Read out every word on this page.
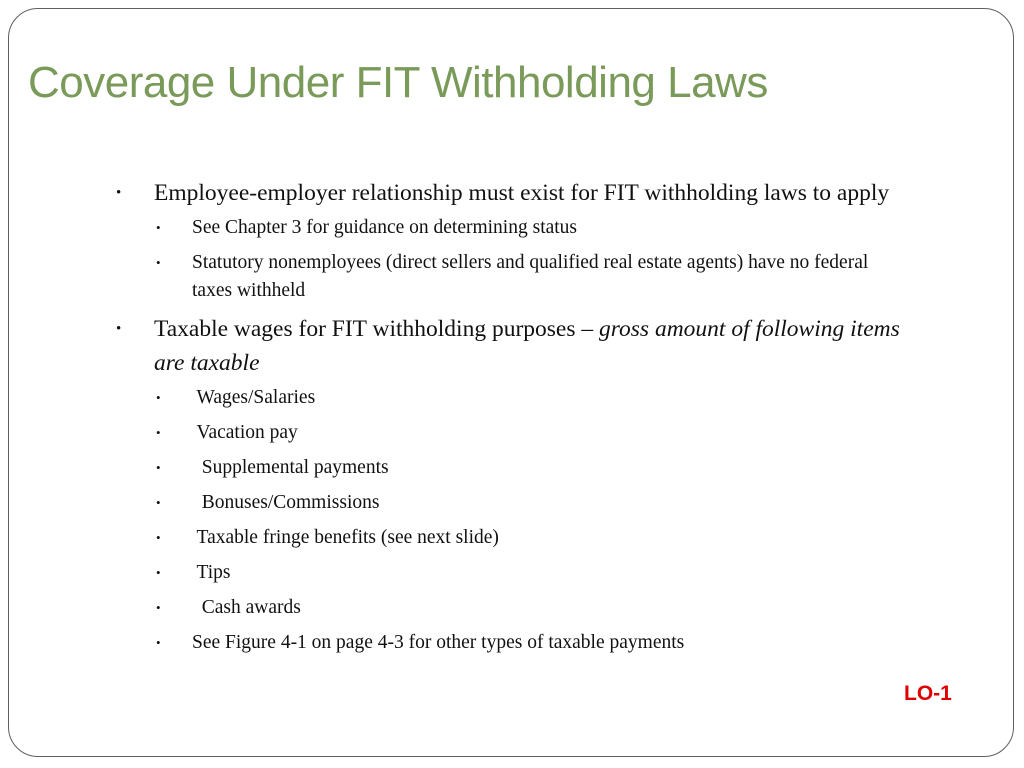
Coverage Under FIT Withholding Laws
• Employee-employer relationship must exist for FIT withholding laws to apply
• See Chapter 3 for guidance on determining status
• Statutory nonemployees (direct sellers and qualified real estate agents) have no federal taxes withheld
• Taxable wages for FIT withholding purposes – gross amount of following items are taxable
• Wages/Salaries
• Vacation pay
• Supplemental payments
• Bonuses/Commissions
• Taxable fringe benefits (see next slide)
• Tips
• Cash awards
• See Figure 4-1 on page 4-3 for other types of taxable payments
LO-1
